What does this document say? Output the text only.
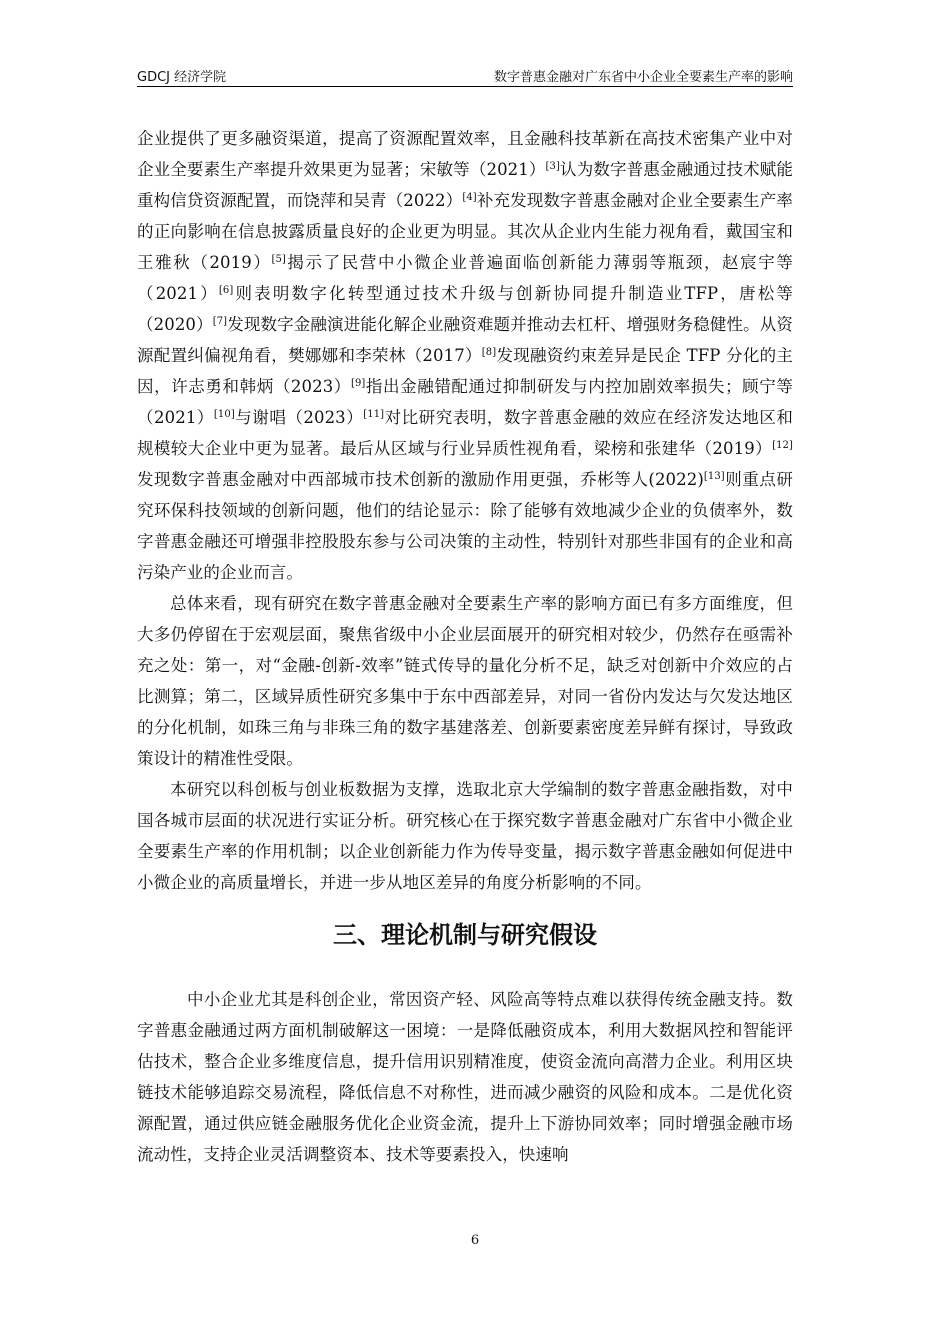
GDCJ 经济学院	数字普惠金融对广东省中小企业全要素生产率的影响

企业提供了更多融资渠道，提高了资源配置效率，且金融科技革新在高技术密集产业中对企业全要素生产率提升效果更为显著；宋敏等（2021）[3]认为数字普惠金融通过技术赋能重构信贷资源配置，而饶萍和吴青（2022）[4]补充发现数字普惠金融对企业全要素生产率的正向影响在信息披露质量良好的企业更为明显。其次从企业内生能力视角看，戴国宝和王雅秋（2019）[5]揭示了民营中小微企业普遍面临创新能力薄弱等瓶颈，赵宸宇等（2021）[6]则表明数字化转型通过技术升级与创新协同提升制造业TFP，唐松等（2020）[7]发现数字金融演进能化解企业融资难题并推动去杠杆、增强财务稳健性。从资源配置纠偏视角看，樊娜娜和李荣林（2017）[8]发现融资约束差异是民企 TFP 分化的主因，许志勇和韩炳（2023）[9]指出金融错配通过抑制研发与内控加剧效率损失；顾宁等（2021）[10]与谢唱（2023）[11]对比研究表明，数字普惠金融的效应在经济发达地区和规模较大企业中更为显著。最后从区域与行业异质性视角看，梁榜和张建华（2019）[12]发现数字普惠金融对中西部城市技术创新的激励作用更强，乔彬等人(2022)[13]则重点研究环保科技领域的创新问题，他们的结论显示：除了能够有效地减少企业的负债率外，数字普惠金融还可增强非控股股东参与公司决策的主动性，特别针对那些非国有的企业和高污染产业的企业而言。

总体来看，现有研究在数字普惠金融对全要素生产率的影响方面已有多方面维度，但大多仍停留在于宏观层面，聚焦省级中小企业层面展开的研究相对较少，仍然存在亟需补充之处：第一，对“金融-创新-效率”链式传导的量化分析不足，缺乏对创新中介效应的占比测算；第二，区域异质性研究多集中于东中西部差异，对同一省份内发达与欠发达地区的分化机制，如珠三角与非珠三角的数字基建落差、创新要素密度差异鲜有探讨，导致政策设计的精准性受限。

本研究以科创板与创业板数据为支撑，选取北京大学编制的数字普惠金融指数，对中国各城市层面的状况进行实证分析。研究核心在于探究数字普惠金融对广东省中小微企业全要素生产率的作用机制；以企业创新能力作为传导变量，揭示数字普惠金融如何促进中小微企业的高质量增长，并进一步从地区差异的角度分析影响的不同。

三、理论机制与研究假设

中小企业尤其是科创企业，常因资产轻、风险高等特点难以获得传统金融支持。数字普惠金融通过两方面机制破解这一困境：一是降低融资成本，利用大数据风控和智能评估技术，整合企业多维度信息，提升信用识别精准度，使资金流向高潜力企业。利用区块链技术能够追踪交易流程，降低信息不对称性，进而减少融资的风险和成本。二是优化资源配置，通过供应链金融服务优化企业资金流，提升上下游协同效率；同时增强金融市场流动性，支持企业灵活调整资本、技术等要素投入，快速响

6
